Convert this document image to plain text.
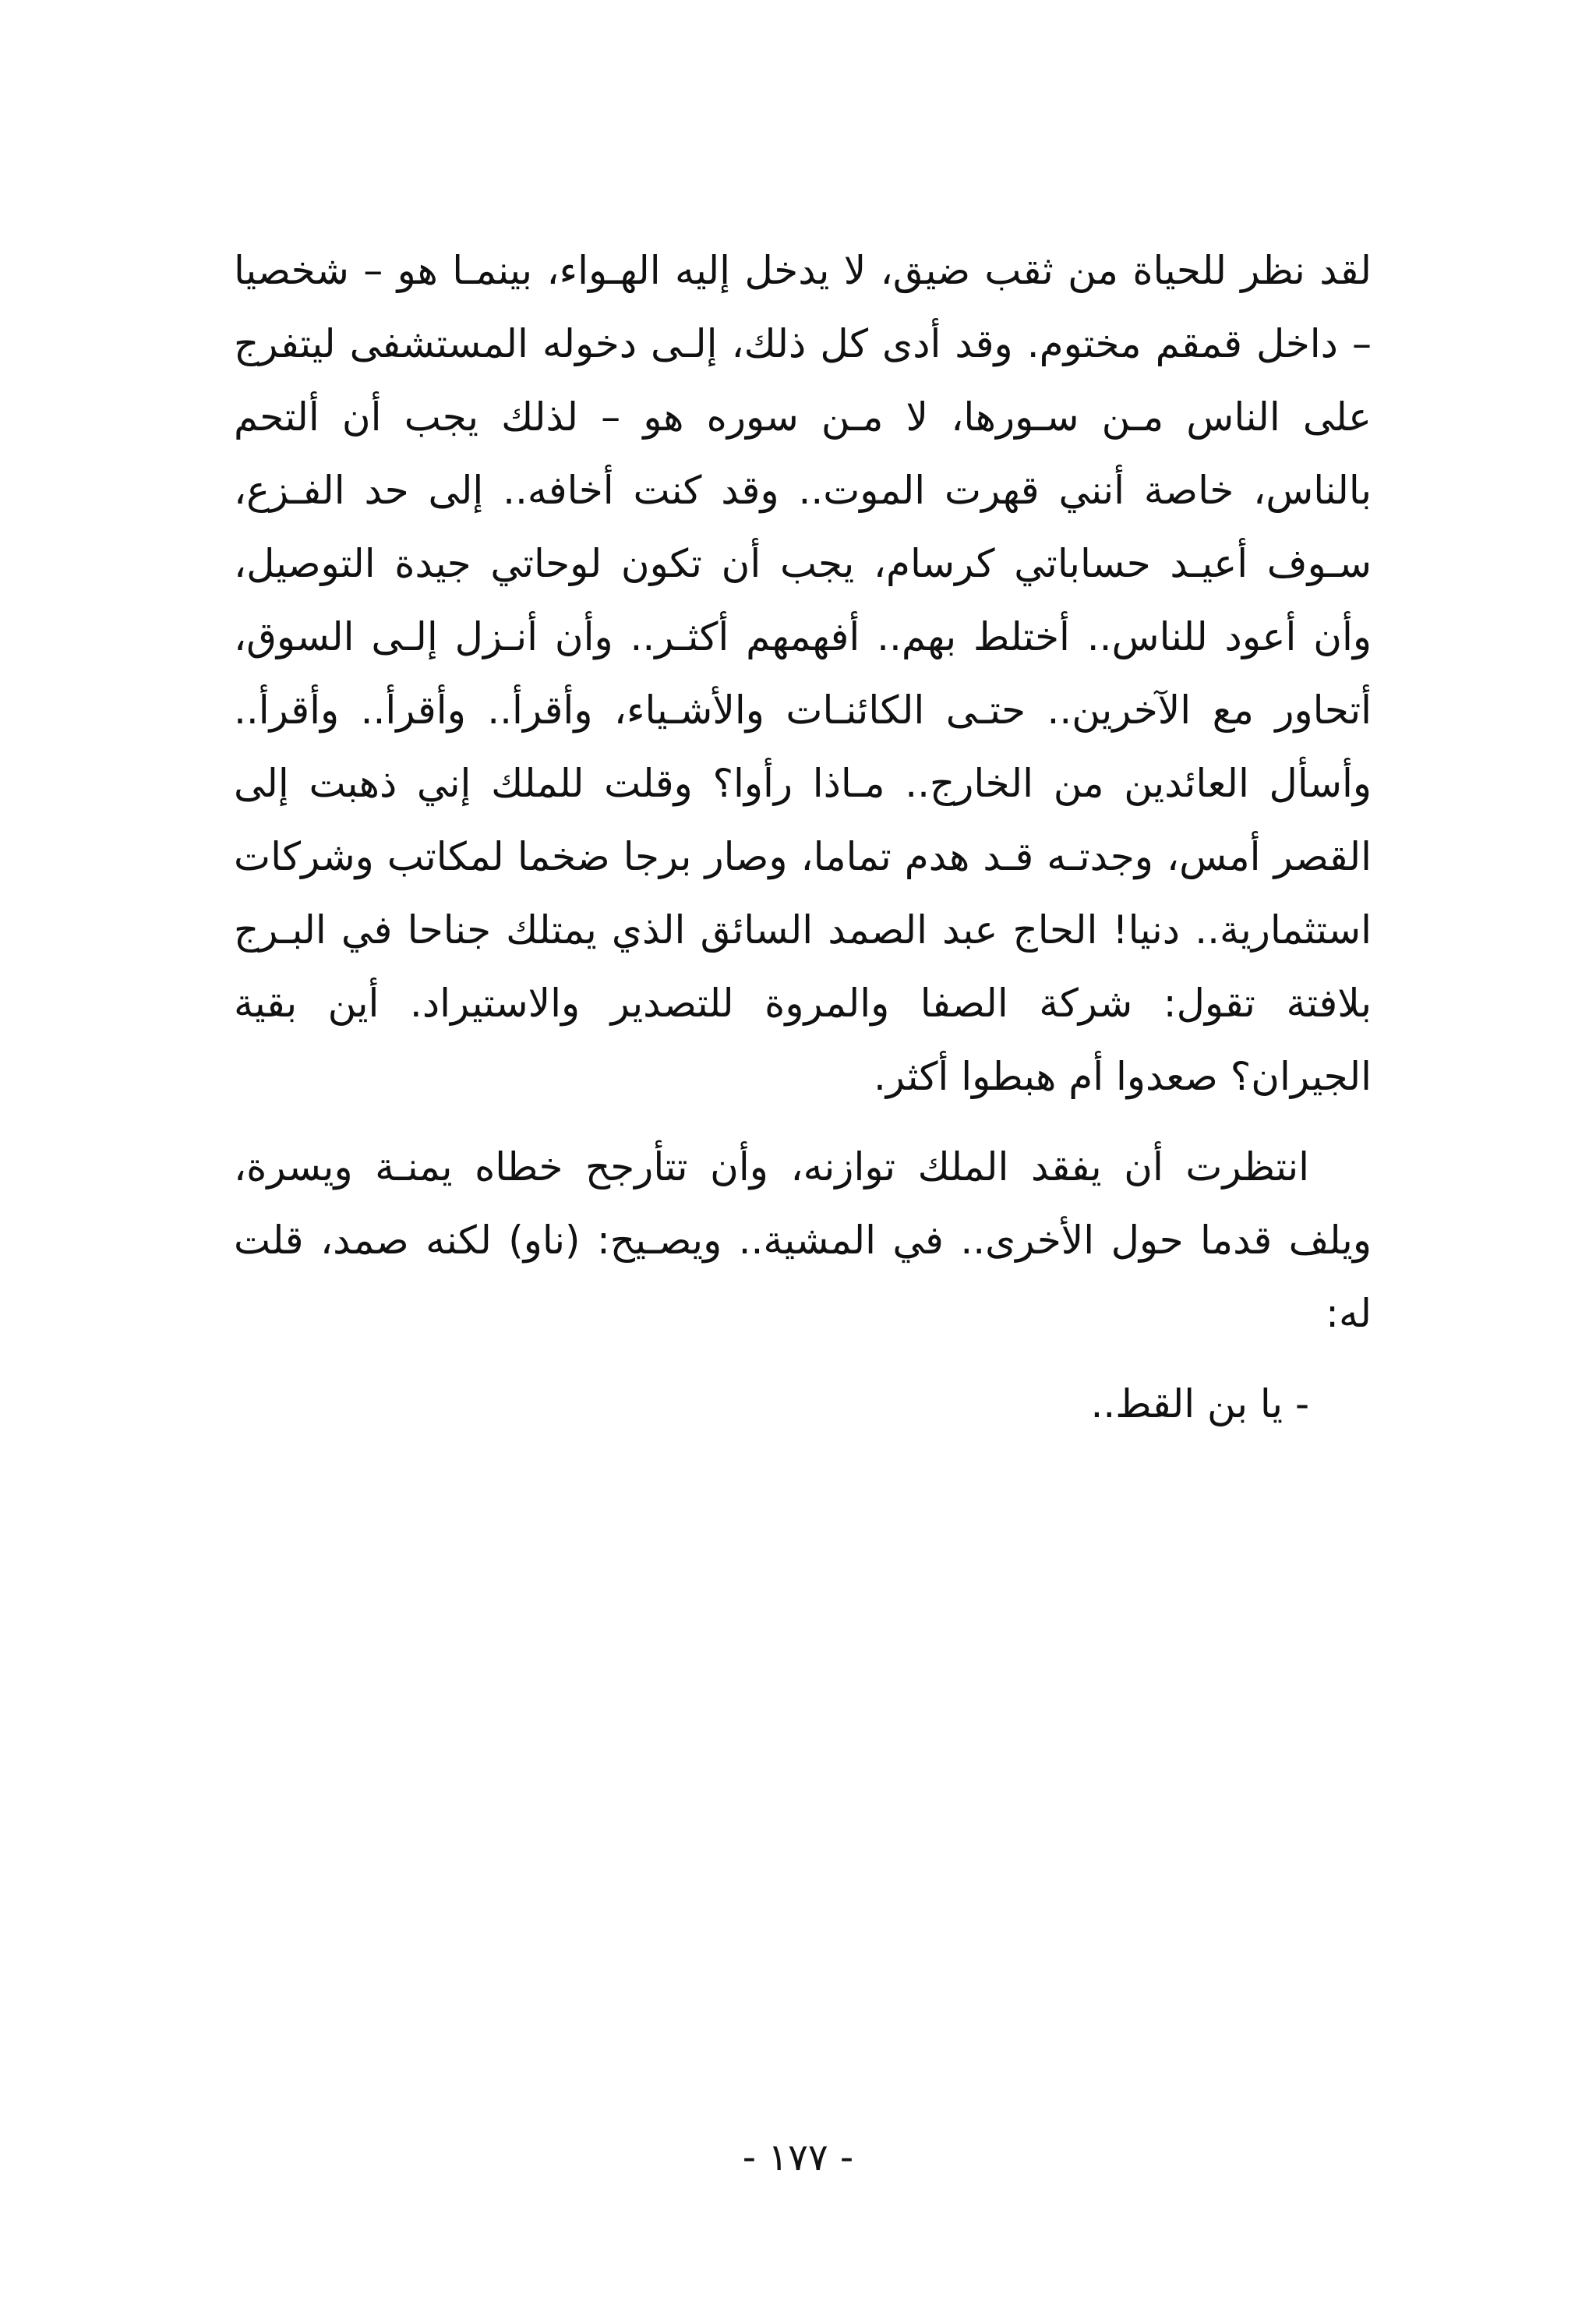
لقد نظر للحياة من ثقب ضيق، لا يدخل إليه الهـواء، بينمـا هو – شخصيا – داخل قمقم مختوم. وقد أدى كل ذلك، إلـى دخوله المستشفى ليتفرج على الناس مـن سـورها، لا مـن سوره هو – لذلك يجب أن ألتحم بالناس، خاصة أنني قهرت الموت.. وقد كنت أخافه.. إلى حد الفـزع، سـوف أعيـد حساباتي كرسام، يجب أن تكون لوحاتي جيدة التوصيل، وأن أعود للناس.. أختلط بهم.. أفهمهم أكثـر.. وأن أنـزل إلـى السوق، أتحاور مع الآخرين.. حتـى الكائنـات والأشـياء، وأقرأ.. وأقرأ.. وأقرأ.. وأسأل العائدين من الخارج.. مـاذا رأوا؟ وقلت للملك إني ذهبت إلى القصر أمس، وجدتـه قـد هدم تماما، وصار برجا ضخما لمكاتب وشركات استثمارية.. دنيا! الحاج عبد الصمد السائق الذي يمتلك جناحا في البـرج بلافتة تقول: شركة الصفا والمروة للتصدير والاستيراد. أين بقية الجيران؟ صعدوا أم هبطوا أكثر.

انتظرت أن يفقد الملك توازنه، وأن تتأرجح خطاه يمنـة ويسرة، ويلف قدما حول الأخرى.. في المشية.. ويصـيح: (ناو) لكنه صمد، قلت له:

- يا بن القط..

- ١٧٧ -
